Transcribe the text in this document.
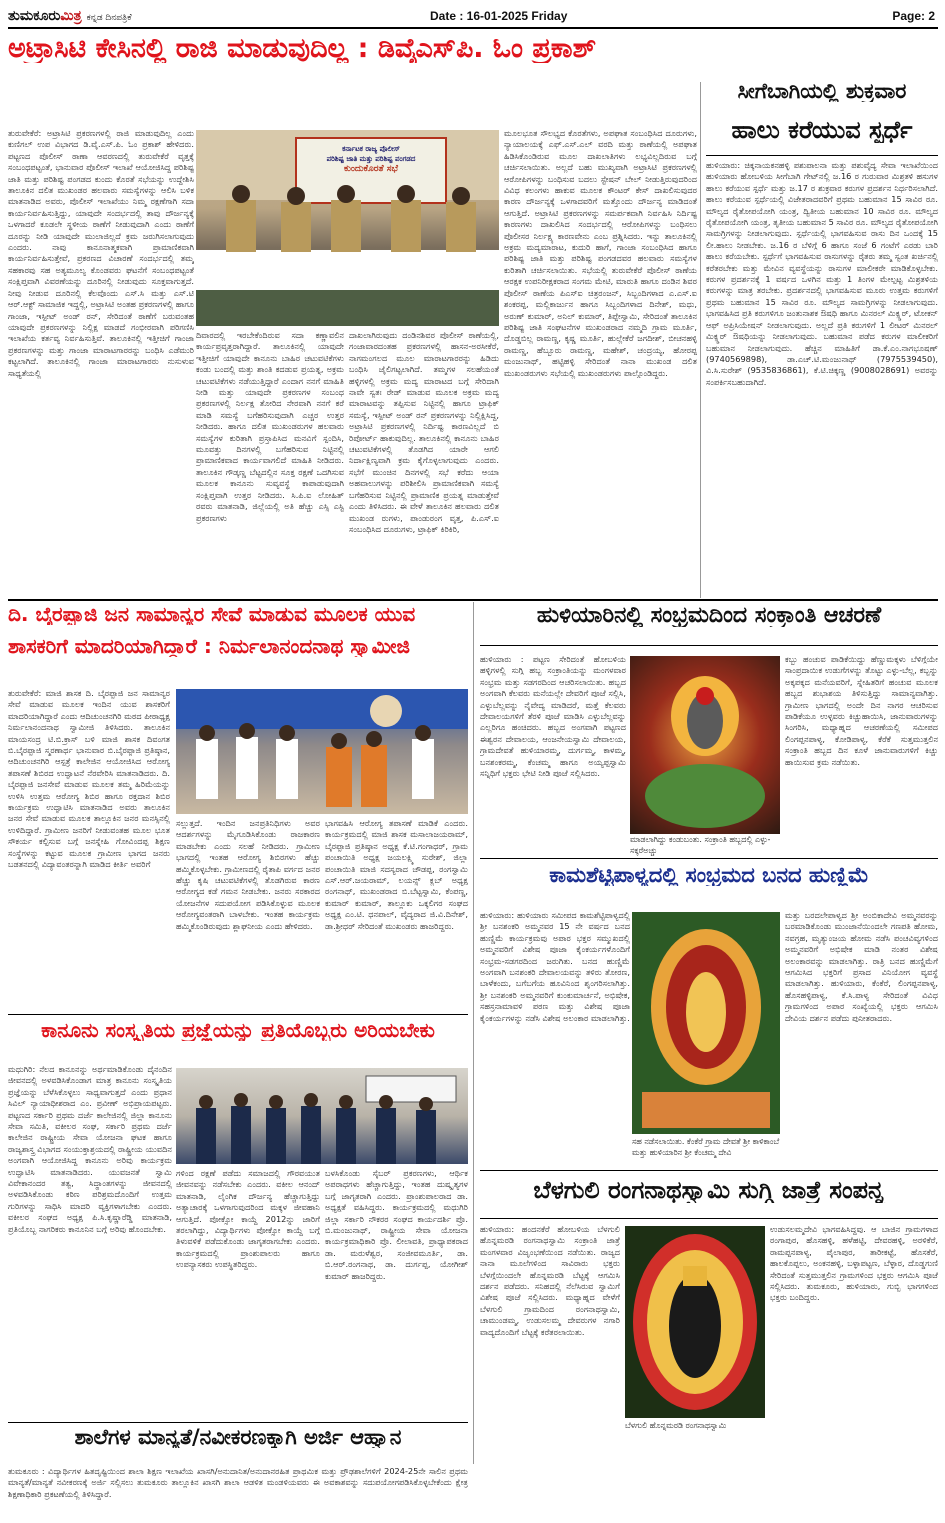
ತುಮಕೂರುಮಿತ್ರ ಕನ್ನಡ ದಿನಪತ್ರಿಕೆ	Date : 16-01-2025 Friday	Page: 2
ಅಟ್ರಾಸಿಟಿ ಕೇಸಿನಲ್ಲಿ ರಾಜಿ ಮಾಡುವುದಿಲ್ಲ : ಡಿವೈಎಸ್‌ಪಿ. ಓಂ ಪ್ರಕಾಶ್
ತುರುವೇಕೆರೆ: ಅಟ್ರಾಸಿಟಿ ಪ್ರಕರಣಗಳಲ್ಲಿ ರಾಜಿ ಮಾಡುವುದಿಲ್ಲ ಎಂದು ಕುಣಿಗಲ್ ಉಪ ವಿಭಾಗದ ಡಿ.ವೈ.ಎಸ್.ಪಿ. ಓಂ ಪ್ರಕಾಶ್ ಹೇಳಿದರು. ಪಟ್ಟಣದ ಪೊಲೀಸ್ ಠಾಣಾ ಆವರಣದಲ್ಲಿ ತುರುವೇಕೆರೆ ವೃತ್ತಕ್ಕೆ ಸಂಬಂಧಪಟ್ಟಂತೆ, ಭಾನುವಾರ ಪೊಲೀಸ್ ಇಲಾಖೆ ಆಯೋಜಿಸಿದ್ದ ಪರಿಶಿಷ್ಟ ಜಾತಿ ಮತ್ತು ಪರಿಶಿಷ್ಟ ಪಂಗಡದ ಕುಂದು ಕೊರತೆ ಸಭೆಯನ್ನು ಉದ್ದೇಶಿಸಿ ತಾಲೂಕಿನ ದಲಿತ ಮುಖಂಡರ ಹಲವಾರು ಸಮಸ್ಯೆಗಳನ್ನು ಆಲಿಸಿ ಬಳಿಕ ಮಾತನಾಡಿದ ಅವರು, ಪೊಲೀಸ್ ಇಲಾಖೆಯು ನಿಮ್ಮ ರಕ್ಷಣೆಗಾಗಿ ಸದಾ ಕಾರ್ಯನಿರ್ವಹಿಸುತ್ತಿದ್ದು, ಯಾವುದೇ ಸಂದರ್ಭದಲ್ಲಿ ತಾವು ದೌರ್ಜನ್ಯಕ್ಕೆ ಒಳಗಾದರೆ ಕೂಡಲೇ ಸ್ಥಳೀಯ ಠಾಣೆಗೆ ನೀಡುವುದಾಗಿ ಎಂದು ಠಾಣೆಗೆ ದೂರನ್ನು ನೀಡಿ ಯಾವುದೇ ಮುಲಾಜಿಲ್ಲದೆ ಕ್ರಮ ಜರುಗಿಸಲಾಗುವುದು ಎಂದರು. ನಾವು ಕಾನೂನಾತ್ಮಕವಾಗಿ ಪ್ರಾಮಾಣಿಕವಾಗಿ ಕಾರ್ಯನಿರ್ವಹಿಸುತ್ತೇವೆ, ಪ್ರಕರಣದ ವಿಚಾರಣೆ ಸಂದರ್ಭದಲ್ಲಿ ತಮ್ಮ ಸಹಕಾರವು ಸಹ ಅತ್ಯಮೂಲ್ಯ ಕೊಂಡವರು ಘಟನೆಗೆ ಸಂಬಂಧಪಟ್ಟಂತೆ ಸಂಕ್ಷಿಪ್ತವಾಗಿ ವಿವರಣೆಯನ್ನು ದೂರಿನಲ್ಲಿ ನೀಡುವುದು ಸೂಕ್ತವಾಗುತ್ತದೆ. ನೀವು ನೀಡುವ ದೂರಿನಲ್ಲಿ ಕೆಲವೊಂದು ಎಸ್.ಸಿ ಮತ್ತು ಎಸ್.ಟಿ ಆರ್.ಆಕ್ಟ್ ಸಾಮಾಜಿಕ ಇದ್ದಲ್ಲಿ, ಅಟ್ರಾಸಿಟಿ ಅಂತಹ ಪ್ರಕರಣಗಳಲ್ಲಿ ಹಾಗೂ ಗಾಂಜಾ, ಇಸ್ಪೀಟ್ ಅಂಡ್ ರನ್, ಸೇರಿದಂತೆ ಠಾಣೆಗೆ ಬರುವಂತಹ ಯಾವುದೇ ಪ್ರಕರಣಗಳನ್ನು ನಿಲ್ಲಿಕ್ಷ ಮಾಡದೆ ಗಂಭೀರವಾಗಿ ಪರಿಗಣಿಸಿ ಇಲಾಖೆಯ ಕರ್ತವ್ಯ ನಿರ್ವಹಿಸುತ್ತಿವೆ. ತಾಲೂಕಿನಲ್ಲಿ ಇತ್ತೀಚಿಗೆ ಗಾಂಜಾ ಪ್ರಕರಣಗಳನ್ನು ಮತ್ತು ಗಾಂಜಾ ಮಾರಾಟಗಾರರನ್ನು ಬಂಧಿಸಿ ಎಡೆಮುರಿ ಕಟ್ಟಲಾಗಿದೆ. ತಾಲೂಕಿನಲ್ಲಿ ಗಾಂಜಾ ಮಾರಾಟಗಾರರು ನುಸುಳುವ ಸಾಧ್ಯತೆಯಲ್ಲಿ
ಕರ್ನಾಟಕ ರಾಜ್ಯ ಪೊಲೀಸ್
ಪರಿಶಿಷ್ಟ ಜಾತಿ ಮತ್ತು ಪರಿಶಿಷ್ಟ ಪಂಗಡದ
ಕುಂದುಕೊರತೆ ಸಭೆ
ದಿವಾರದಲ್ಲಿ ಇರಬೇಕೆಂದಿರುವ ಸದಾ ಕಣ್ಣಾವಲಿನ ಕಾರ್ಯಪ್ರವೃತ್ತರಾಗಿದ್ದಾರೆ. ತಾಲೂಕಿನಲ್ಲಿ ಯಾವುದೇ ಇತ್ತೀಚಿಗೆ ಯಾವುದೇ ಕಾನೂನು ಬಾಹಿರ ಚಟುವಟಿಕೆಗಳು ಕಂಡು ಬಂದಲ್ಲಿ ಮತ್ತು ಶಾಂತಿ ಕದಡುವ ಪ್ರಯತ್ನ, ಅಕ್ರಮ ಚಟುವಟಿಕೆಗಳು ನಡೆಯುತ್ತಿದ್ದಾರೆ ಎಂದಾಗ ನನಗೆ ಮಾಹಿತಿ ನೀಡಿ ಮತ್ತು ಯಾವುದೇ ಪ್ರಕರಣಗಳ ಸಂಬಂಧ ಪ್ರಕರಣಗಳಲ್ಲಿ ನಿರ್ಲಕ್ಷ ತೋರಿದ ನೇರವಾಗಿ ನನಗೆ ಕರೆ ಮಾಡಿ ಸಮಸ್ಯೆ ಬಗೆಹರಿಸುವುದಾಗಿ ಎಚ್ಚರ ಉತ್ತರ ನೀಡಿದರು. ಹಾಗೂ ದಲಿತ ಮುಖಂಡರುಗಳ ಹಲವಾರು ಸಮಸ್ಯೆಗಳ ಕುರಿತಾಗಿ ಪ್ರಸ್ತಾಪಿಸಿದ ಮನವಿಗೆ ಸ್ಪಂದಿಸಿ, ಮೂವತ್ತು ದಿನಗಳಲ್ಲಿ ಬಗೆಹರಿಸುವ ನಿಟ್ಟಿನಲ್ಲಿ ಪ್ರಾಮಾಣಿಕವಾದ ಕಾರ್ಯವಾಗಲಿದೆ ಮಾಹಿತಿ ನೀಡಿದರು. ತಾಲೂಕಿನ ಗೌಡ್ಕಣ್ಣ ಬೆಟ್ಟದಲ್ಲಿನ ಸೂಕ್ತ ರಕ್ಷಣೆ ಒದಗಿಸುವ ಮೂಲಕ ಕಾನೂನು ಸುವ್ಯವಸ್ಥೆ ಕಾಪಾಡುವುದಾಗಿ ಸಂಕ್ಷಿಪ್ತವಾಗಿ ಉತ್ತರ ನೀಡಿದರು. ಸಿ.ಪಿ.ಐ ಲೋಹಿತ್ ರವರು ಮಾತನಾಡಿ, ಜಿಲ್ಲೆಯಲ್ಲಿ ಅತಿ ಹೆಚ್ಚು ಎಸ್ಸಿ ಎಸ್ಟಿ ಪ್ರಕರಣಗಳು
ದಾಖಲಾಗಿರುವುದು ದಂಡಿನಶಿವರ ಪೊಲೀಸ್ ಠಾಣೆಯಲ್ಲಿ, ಗಂಜಾವಾರದಂತಹ ಪ್ರಕರಣಗಳಲ್ಲಿ ಹಾಸನ-ಅರಸೀಕೆರೆ, ನಾಗಮಂಗಲದ ಮೂಲ ಮಾರಾಟಗಾರರನ್ನು ಹಿಡಿದು ಬಂಧಿಸಿ ಜೈಲಿಗಟ್ಟಲಾಗಿದೆ. ತಮ್ಮಗಳ ಸಲಹೆಯಂತೆ ಹಳ್ಳಿಗಳಲ್ಲಿ ಅಕ್ರಮ ಮದ್ಯ ಮಾರಾಟದ ಬಗ್ಗೆ ಸೇರಿದಾಗಿ ನಾವೇ ಸ್ವತಃ ರೇಡ್ ಮಾಡುವ ಮೂಲಕ ಅಕ್ರಮ ಮದ್ಯ ಮಾರಾಟವನ್ನು ತಪ್ಪಿಸುವ ನಿಟ್ಟಿನಲ್ಲಿ ಹಾಗೂ ಟ್ರಾಫಿಕ್ ಸಮಸ್ಯೆ, ಇಸ್ಪೀಟ್ ಅಂಡ್ ರನ್ ಪ್ರಕರಣಗಳನ್ನು ನಿಲ್ಲಿಕ್ಷಿಸಿದ್ದ, ಅಟ್ರಾಸಿಟಿ ಪ್ರಕರಣಗಳಲ್ಲಿ ನಿರ್ದಿಷ್ಟ ಕಾರಣವಿಲ್ಲದೆ ಬಿ ರಿಪೋರ್ಟ್ ಹಾಕುವುದಿಲ್ಲ. ತಾಲೂಕಿನಲ್ಲಿ ಕಾನೂನು ಬಾಹಿರ ಚಟುವಟಿಕೆಗಳಲ್ಲಿ ತೊಡಗಿದ ಯಾರೇ ಆಗಲಿ ನಿರ್ದಾಕ್ಷಿಣ್ಯವಾಗಿ ಕ್ರಮ ಕೈಗೊಳ್ಳಲಾಗುವುದು ಎಂದರು. ಸಭೆಗೆ ಮುಂಚಿನ ದಿನಗಳಲ್ಲಿ ಸಭೆ ಕರೆದು ಆಯಾ ಅಹವಾಲುಗಳನ್ನು ಪರಿಶೀಲಿಸಿ ಪ್ರಾಮಾಣಿಕವಾಗಿ ಸಮಸ್ಯೆ ಬಗೆಹರಿಸುವ ನಿಟ್ಟಿನಲ್ಲಿ ಪ್ರಾಮಾಣಿಕ ಪ್ರಯತ್ನ ಮಾಡುತ್ತೇವೆ ಎಂದು ತಿಳಿಸಿದರು. ಈ ವೇಳೆ ತಾಲೂಕಿನ ಹಲವಾರು ದಲಿತ ಮುಖಂಡ ರುಗಳು, ಪಾಂಡುರಂಗ ವೃತ್ತ, ಪಿ.ಎಸ್.ಐ ಸಂಬಂಧಿಸಿದ ದೂರುಗಳು, ಟ್ರಾಫಿಕ್ ಕಿರಿಕಿರಿ,
ಮೂಲಭೂತ ಸೌಲಭ್ಯದ ಕೊರತೆಗಳು, ಅಪಘಾತ ಸಂಬಂಧಿಸಿದ ದೂರುಗಳು, ನ್ಯಾಯಾಲಯಕ್ಕೆ ಎಫ್.ಎಸ್.ಎಲ್ ವರದಿ ಮತ್ತು ಠಾಣೆಯಲ್ಲಿ ಅಪಘಾತ ಹಿಡಿಸಿಕೊಂಡಿರುವ ಮೂಲ ದಾಖಲಾತಿಗಳು ಲಭ್ಯವಿಲ್ಲದಿರುವ ಬಗ್ಗೆ ಚರ್ಚಿಸಲಾಯಿತು. ಅಲ್ಲದೆ ಬಹು ಮುಖ್ಯವಾಗಿ ಅಟ್ರಾಸಿಟಿ ಪ್ರಕರಣಗಳಲ್ಲಿ ಆರೋಪಿಗಳನ್ನು ಬಂಧಿಸುವ ಬದಲು ಸ್ಟೇಷನ್ ಬೇಲ್ ನೀಡುತ್ತಿರುವುದರಿಂದ ವಿವಿಧ ಕಲಂಗಳು ಹಾಕುವ ಮೂಲಕ ಕೌಂಟರ್ ಕೇಸ್ ದಾಖಲಿಸುವುದರ ಕಾರಣ ದೌರ್ಜನ್ಯಕ್ಕೆ ಒಳಗಾದವರಿಗೆ ಮತ್ತೊಂದು ದೌರ್ಜನ್ಯ ಮಾಡಿದಂತೆ ಆಗುತ್ತಿದೆ. ಅಟ್ರಾಸಿಟಿ ಪ್ರಕರಣಗಳನ್ನು ಸಮರ್ಪಕವಾಗಿ ನಿರ್ವಹಿಸಿ ನಿರ್ದಿಷ್ಟ ಕಾರಣಗಳು ದಾಖಲಿಸಿದ ಸಂದರ್ಭದಲ್ಲಿ ಆರೋಪಿಗಳನ್ನು ಬಂಧಿಸಲು ಪೊಲೀಸರ ನಿರ್ಲಕ್ಷ್ಯ ಕಾರಣವೇನು ಎಂಬ ಪ್ರಶ್ನಿಸಿದರು. ಇನ್ನು ತಾಲೂಕಿನಲ್ಲಿ ಅಕ್ರಮ ಮದ್ಯಮಾರಾಟ, ಕುದುರಿ ಹಾಗೆ, ಗಾಂಜಾ ಸಂಬಂಧಿಸಿದ ಹಾಗೂ ಪರಿಶಿಷ್ಟ ಜಾತಿ ಮತ್ತು ಪರಿಶಿಷ್ಟ ಪಂಗಡದವರ ಹಲವಾರು ಸಮಸ್ಯೆಗಳ ಕುರಿತಾಗಿ ಚರ್ಚಿಸಲಾಯಿತು. ಸಭೆಯಲ್ಲಿ ತುರುವೇಕೆರೆ ಪೊಲೀಸ್ ಠಾಣೆಯ ಆರಕ್ಷಕ ಉಪನಿರೀಕ್ಷಕರಾದ ಸಂಗಮ ಮೇಟಿ, ಮಾರುತಿ ಹಾಗೂ ದಂಡಿನ ಶಿವರ ಪೊಲೀಸ್ ಠಾಣೆಯ ಪಿಎಸ್‌ಐ ಚಿತ್ರರಂಜನ್, ಸಿಬ್ಬಂದಿಗಳಾದ ಎ.ಎಸ್.ಐ ಶಂಕರಪ್ಪ, ಮಲ್ಲಿಕಾರ್ಜುನ ಹಾಗೂ ಸಿಬ್ಬಂದಿಗಳಾದ ದಿನೇಶ್, ಮಧು, ಅರುಣ್ ಕುಮಾರ್, ಅನಿಲ್ ಕುಮಾರ್, ತಿಪ್ಪೇಸ್ವಾಮಿ, ಸೇರಿದಂತೆ ತಾಲೂಕಿನ ಪರಿಶಿಷ್ಟ ಜಾತಿ ಸಂಘಟನೆಗಳ ಮುಖಂಡರಾದ ನಮ್ಮದಿ ಗ್ರಾಮ ಮೂರ್ತಿ, ದೊಡ್ಡಬಿಲ್ಲ ರಾಮಣ್ಣ, ಕೃಷ್ಣ ಮೂರ್ತಿ, ಹುಲ್ಲೇಕೆರೆ ಜಗದೀಶ್, ಬೀಚನಹಳ್ಳಿ ರಾಮಣ್ಣ, ಹೆಬ್ಬೂರು ರಾಮಣ್ಣ, ಮಹೇಶ್, ಚಂದ್ರಯ್ಯ, ಹೋರಪ್ಪ ಮಂಜುನಾಥ್, ಹಟ್ಟಿಹಳ್ಳಿ ಸೇರಿದಂತೆ ನಾನಾ ಮುಖಂಡ ದಲಿತ ಮುಖಂಡರುಗಳು ಸಭೆಯಲ್ಲಿ ಮುಖಂಡರುಗಳು ಪಾಲ್ಗೊಂಡಿದ್ದರು.
ಸೀಗೆಬಾಗಿಯಲ್ಲಿ ಶುಕ್ರವಾರ
ಹಾಲು ಕರೆಯುವ ಸ್ಪರ್ಧೆ
ಹುಳಿಯಾರು: ಚಿಕ್ಕನಾಯಕನಹಳ್ಳಿ ಪಶುಪಾಲನಾ ಮತ್ತು ಪಶುವೈದ್ಯ ಸೇವಾ ಇಲಾಖೆಯಿಂದ ಹುಳಿಯಾರು ಹೋಬಳಿಯ ಸೀಗೆಬಾಗಿ ಗೇಟ್‌ನಲ್ಲಿ ಜ.16 ರ ಗುರುವಾರ ಮಿಶ್ರತಳಿ ಹಸುಗಳ ಹಾಲು ಕರೆಯುವ ಸ್ಪರ್ಧೆ ಮತ್ತು ಜ.17 ರ ಶುಕ್ರವಾರ ಕರುಗಳ ಪ್ರದರ್ಶನ ನಿರ್ಧರಿಸಲಾಗಿದೆ. ಹಾಲು ಕರೆಯುವ ಸ್ಪರ್ಧೆಯಲ್ಲಿ ವಿಜೇತರಾದವರಿಗೆ ಪ್ರಥಮ ಬಹುಮಾನ 15 ಸಾವಿರ ರೂ. ಮೌಲ್ಯದ ರೈತೋಪಯೋಗಿ ಯಂತ್ರ, ದ್ವಿತೀಯ ಬಹುಮಾನ 10 ಸಾವಿರ ರೂ. ಮೌಲ್ಯದ ರೈತೋಪಯೋಗಿ ಯಂತ್ರ, ತೃತೀಯ ಬಹುಮಾನ 5 ಸಾವಿರ ರೂ. ಮೌಲ್ಯದ ರೈತೋಪಯೋಗಿ ಸಾಮಗ್ರಿಗಳನ್ನು ನೀಡಲಾಗುವುದು. ಸ್ಪರ್ಧೆಯಲ್ಲಿ ಭಾಗವಹಿಸುವ ರಾಸು ದಿನ ಒಂದಕ್ಕೆ 15 ಲೀ.ಹಾಲು ನೀಡಬೇಕು. ಜ.16 ರ ಬೆಳಿಗ್ಗೆ 6 ಹಾಗೂ ಸಂಜೆ 6 ಗಂಟೆಗೆ ಎರಡು ಬಾರಿ ಹಾಲು ಕರೆಯಬೇಕು. ಸ್ಪರ್ಧೆಗೆ ಭಾಗವಹಿಸುವ ರಾಸುಗಳನ್ನು ರೈತರು ತಮ್ಮ ಸ್ವಂತ ಖರ್ಚಿನಲ್ಲಿ ಕರೆತರಬೇಕು ಮತ್ತು ಮೇವಿನ ವ್ಯವಸ್ಥೆಯನ್ನು ರಾಸುಗಳ ಮಾಲೀಕರೇ ಮಾಡಿಕೊಳ್ಳಬೇಕು. ಕರುಗಳ ಪ್ರದರ್ಶನಕ್ಕೆ 1 ವರ್ಷದ ಒಳಗಿನ ಮತ್ತು 1 ತಿಂಗಳ ಮೇಲ್ಪಟ್ಟ ಮಿಶ್ರತಳಿಯ ಕರುಗಳನ್ನು ಮಾತ್ರ ತರಬೇಕು. ಪ್ರದರ್ಶನದಲ್ಲಿ ಭಾಗವಹಿಸುವ ಮೂರು ಉತ್ತಮ ಕರುಗಳಿಗೆ ಪ್ರಥಮ ಬಹುಮಾನ 15 ಸಾವಿರ ರೂ. ಮೌಲ್ಯದ ಸಾಮಗ್ರಿಗಳನ್ನು ನೀಡಲಾಗುವುದು. ಭಾಗವಹಿಸಿದ ಪ್ರತಿ ಕರುಗಳಿಗೂ ಜಂತುನಾಶಕ ಔಷಧಿ ಹಾಗೂ ಮಿನರಲ್ ಮಿಕ್ಸ್ಚರ್, ಟೋಕನ್ ಆಫ್ ಅಪ್ರಿಸಿಯೇಷನ್ ನೀಡಲಾಗುವುದು. ಅಲ್ಲದೆ ಪ್ರತಿ ಕರುಗಳಿಗೆ 1 ಲೀಟರ್ ಮಿನರಲ್ ಮಿಕ್ಸ್ಚರ್ ಔಷಧಿಯನ್ನು ನೀಡಲಾಗುವುದು. ಬಹುಮಾನ ಪಡೆದ ಕರುಗಳ ಮಾಲೀಕರಿಗೆ ಬಹುಮಾನ ನೀಡಲಾಗುವುದು. ಹೆಚ್ಚಿನ ಮಾಹಿತಿಗೆ ಡಾ.ಕೆ.ಎಂ.ನಾಗಭೂಷಣ್ (9740569898), ಡಾ.ಎಚ್.ಟಿ.ಮಂಜುನಾಥ್ (7975539450), ವಿ.ಸಿ.ಸುರೇಶ್ (9535836861), ಕೆ.ಟಿ.ಚಿಕ್ಕಣ್ಣ (9008028691) ಅವರನ್ನು ಸಂಪರ್ಕಿಸಬಹುದಾಗಿದೆ.
ದಿ. ಬೈರಪ್ಪಾಜಿ ಜನ ಸಾಮಾನ್ಯರ ಸೇವೆ ಮಾಡುವ ಮೂಲಕ ಯುವ
ಶಾಸಕರಿಗೆ ಮಾದರಿಯಾಗಿದ್ದಾರೆ : ನಿರ್ಮಲಾನಂದನಾಥ ಸ್ವಾಮೀಜಿ
ತುರುವೇಕೆರೆ: ಮಾಜಿ ಶಾಸಕ ದಿ. ಬೈರಪ್ಪಾಜಿ ಜನ ಸಾಮಾನ್ಯರ ಸೇವೆ ಮಾಡುವ ಮೂಲಕ ಇಂದಿನ ಯುವ ಶಾಸಕರಿಗೆ ಮಾದರಿಯಾಗಿದ್ದಾರೆ ಎಂದು ಆದಿಚುಂಚನಗಿರಿ ಮಠದ ಪೀಠಾಧ್ಯಕ್ಷ ನಿರ್ಮಲಾನಂದನಾಥ ಸ್ವಾಮೀಜಿ ತಿಳಿಸಿದರು. ತಾಲೂಕಿನ ಮಾಯಸಂದ್ರ ಟಿ.ಬಿ.ಕ್ರಾಸ್ ಬಳಿ ಮಾಜಿ ಶಾಸಕ ದಿವಂಗತ ಬಿ.ಬೈರಪ್ಪಾಜಿ ಸ್ಮರಣಾರ್ಥ ಭಾನುವಾರ ಬಿ.ಬೈರಪ್ಪಾಜಿ ಪ್ರತಿಷ್ಠಾನ, ಆದಿಚುಂಚನಗಿರಿ ಆಸ್ಪತ್ರೆ ಕಾಲೇಜಿನ ಆಯೋಜಿಸಿದ ಆರೋಗ್ಯ ತಪಾಸಣೆ ಶಿಬಿರದ ಉದ್ಘಾಟನೆ ನೆರವೇರಿಸಿ ಮಾತನಾಡಿದರು. ದಿ. ಬೈರಪ್ಪಾಜಿ ಜನಸೇವೆ ಮಾಡುವ ಮೂಲಕ ತಮ್ಮ ಹಿರಿಮೆಯನ್ನು ಉಳಿಸಿ ಉತ್ತಮ ಆರೋಗ್ಯ ಶಿಬಿರ ಹಾಗೂ ರಕ್ತದಾನ ಶಿಬಿರ ಕಾರ್ಯಕ್ರಮ ಉದ್ಘಾಟಿಸಿ ಮಾತನಾಡಿದ ಅವರು ತಾಲೂಕಿನ ಜನರ ಸೇವೆ ಮಾಡುವ ಮೂಲಕ ತಾಲ್ಲೂಕಿನ ಜನರ ಮನಸ್ಸಿನಲ್ಲಿ ಉಳಿದಿದ್ದಾರೆ. ಗ್ರಾಮೀಣ ಜನರಿಗೆ ನೀಡುವಂತಹ ಮೂಲ ಭೂತ ಸೌಕರ್ಯ ಕಲ್ಪಿಸುವ ಬಗ್ಗೆ ಜನಸ್ನೇಹಿ ಗೋವಿಂದಪ್ಪ ಶಿಕ್ಷಣ ಸಂಸ್ಥೆಗಳನ್ನು ಕಟ್ಟುವ ಮೂಲಕ ಗ್ರಾಮೀಣ ಭಾಗದ ಜನರು ಬಡತನದಲ್ಲಿ ವಿದ್ಯಾವಂತರನ್ನಾಗಿ ಮಾಡಿದ ಕೀರ್ತಿ ಅವರಿಗೆ
ಸಲ್ಲುತ್ತದೆ. ಇಂದಿನ ಜನಪ್ರತಿನಿಧಿಗಳು ಅವರ ಆದರ್ಶಗಳನ್ನು ಮೈಗೂಡಿಸಿಕೊಂಡು ರಾಜಕಾರಣ ಮಾಡಬೇಕು ಎಂದು ಸಲಹೆ ನೀಡಿದರು. ಗ್ರಾಮೀಣ ಭಾಗದಲ್ಲಿ ಇಂತಹ ಆರೋಗ್ಯ ಶಿಬಿರಗಳು ಹೆಚ್ಚು ಹಮ್ಮಿಕೊಳ್ಳಬೇಕು. ಗ್ರಾಮೀಣದಲ್ಲಿ ರೈತಾಪಿ ವರ್ಗದ ಜನರ ಹೆಚ್ಚು ಕೃಷಿ ಚಟುವಟಿಕೆಗಳಲ್ಲಿ ತೊಡಗಿರುವ ಕಾರಣ ಆರೋಗ್ಯದ ಕಡೆ ಗಮನ ನೀಡಬೇಕು. ಜನರು ಸರಕಾರದ ಯೋಜನೆಗಳ ಸದುಪಯೋಗ ಪಡಿಸಿಕೊಳ್ಳುವ ಮೂಲಕ ಆರೋಗ್ಯವಂತರಾಗಿ ಬಾಳಬೇಕು. ಇಂತಹ ಕಾರ್ಯಕ್ರಮ ಹಮ್ಮಿಕೊಂಡಿರುವುದು ಶ್ಲಾಘನೀಯ ಎಂದು ಹೇಳಿದರು.
ಭಾಗವಹಿಸಿ ಆರೋಗ್ಯ ತಪಾಸಣೆ ಮಾಡಿಕೆ ಎಂದರು. ಕಾರ್ಯಕ್ರಮದಲ್ಲಿ ಮಾಜಿ ಶಾಸಕ ಮಸಾಲಾಜಯರಾಮ್, ಬೈರಪ್ಪಾಜಿ ಪ್ರತಿಷ್ಠಾನ ಅಧ್ಯಕ್ಷ ಕೆ.ಟಿ.ಗಂಗಾಧರ್, ಗ್ರಾಮ ಪಂಚಾಯಿತಿ ಅಧ್ಯಕ್ಷ ಜಯಲಕ್ಷ್ಮಿ ಸುರೇಶ್, ಜಿಲ್ಲಾ ಪಂಚಾಯಿತಿ ಮಾಜಿ ಸದಸ್ಯರಾದ ಚೌಡಪ್ಪ, ರಂಗಸ್ವಾಮಿ ಎಸ್.ಆರ್.ಜಯರಾಮ್, ಲಯನ್ಸ್ ಕ್ಲಬ್ ಅಧ್ಯಕ್ಷ ರಂಗನಾಥ್, ಮುಖಂಡರಾದ ಬಿ.ಬೆಟ್ಟಸ್ವಾಮಿ, ಕೆಂಪಣ್ಣ, ಕುಮಾರ್ ಕುಮಾರ್, ತಾಲ್ಲೂಕು ಒಕ್ಕಲಿಗರ ಸಂಘದ ಅಧ್ಯಕ್ಷ ಎಂ.ಟಿ. ಧನಪಾಲ್, ವೈದ್ಯರಾದ ಜಿ.ವಿ.ದಿನೇಶ್, ಡಾ.ಶ್ರೀಧರ್ ಸೇರಿದಂತೆ ಮುಖಂಡರು ಹಾಜರಿದ್ದರು.
ಹುಳಿಯಾರಿನಲ್ಲಿ ಸಂಭ್ರಮದಿಂದ ಸಂಕ್ರಾಂತಿ ಆಚರಣೆ
ಹುಳಿಯಾರು : ಪಟ್ಟಣ ಸೇರಿದಂತೆ ಹೋಬಳಿಯ ಹಳ್ಳಿಗಳಲ್ಲಿ ಸುಗ್ಗಿ ಹಬ್ಬ ಸಂಕ್ರಾಂತಿಯನ್ನು ಮಂಗಳವಾರ ಸಂಭ್ರಮ ಮತ್ತು ಸಡಗರದಿಂದ ಆಚರಿಸಲಾಯಿತು. ಹಬ್ಬದ ಅಂಗವಾಗಿ ಕೆಲವರು ಮನೆಯಲ್ಲೇ ದೇವರಿಗೆ ಪೂಜೆ ಸಲ್ಲಿಸಿ, ಎಳ್ಳುಬೆಲ್ಲವನ್ನು ನೈವೇದ್ಯ ಮಾಡಿದರೆ, ಮತ್ತೆ ಕೆಲವರು ದೇವಾಲಯಗಳಿಗೆ ತೆರಳಿ ಪೂಜೆ ಮಾಡಿಸಿ ಎಳ್ಳುಬೆಲ್ಲವನ್ನು ಎಲ್ಲರಿಗೂ ಹಂಚಿದರು. ಹಬ್ಬದ ಅಂಗವಾಗಿ ಪಟ್ಟಣದ ಈಶ್ವರನ ದೇವಾಲಯ, ಆಂಜನೇಯಸ್ವಾಮಿ ದೇವಾಲಯ, ಗ್ರಾಮದೇವತೆ ಹುಳಿಯಾರಮ್ಮ, ದುರ್ಗಮ್ಮ, ಕಾಳಮ್ಮ, ಬನಶಂಕರಮ್ಮ, ಕೆಂಚಮ್ಮ ಹಾಗೂ ಅಯ್ಯಪ್ಪಸ್ವಾಮಿ ಸನ್ನಿಧಿಗೆ ಭಕ್ತರು ಭೇಟಿ ನೀಡಿ ಪೂಜೆ ಸಲ್ಲಿಸಿದರು.
ಮಾಡಲಾಗಿದ್ದು ಕಂಡುಬಂತು. ಸಂಕ್ರಾಂತಿ ಹಬ್ಬದಲ್ಲಿ ಎಳ್ಳು-ಸಕ್ಕರೆಅಚ್ಚು
ಕಬ್ಬು ಹಂಚುವ ಪಾಡಿಕೆಯಿದ್ದು ಹೆಣ್ಣುಮಕ್ಕಳು ಬೆಳಿಗ್ಗೆಯೇ ಸಾಂಪ್ರದಾಯಿಕ ಉಡುಗೆಗಳನ್ನು ತೊಟ್ಟು ಎಳ್ಳು-ಬೆಲ್ಲ, ಕಬ್ಬನ್ನು ಅಕ್ಕಪಕ್ಕದ ಮನೆಯವರಿಗೆ, ಸ್ನೇಹಿತರಿಗೆ ಹಂಚುವ ಮೂಲಕ ಹಬ್ಬದ ಶುಭಾಶಯ ತಿಳಿಸುತ್ತಿದ್ದು ಸಾಮಾನ್ಯವಾಗಿತ್ತು. ಗ್ರಾಮೀಣ ಭಾಗದಲ್ಲಿ ಅಂದೇ ದಿನ ನಾಗರ ಆಚರಿಸುವ ಪಾಡಿಕೆಯೂ ಉಳ್ಳವರು ಕಿಚ್ಚುಹಾಯಿಸಿ, ಜಾನುವಾರುಗಳನ್ನು ಸಿಂಗರಿಸಿ, ಮಧ್ಯಾಹ್ನದ ಆಚರಣೆಯಲ್ಲಿ ಸಮೀಪದ ಲಿಂಗಪ್ಪನಪಾಳ್ಯ, ಕೋಡಿಪಾಳ್ಯ, ಕೆರೆಕೆ ಸುತ್ತಮುತ್ತಲಿನ ಸಂಕ್ರಾಂತಿ ಹಬ್ಬದ ದಿನ ಕೂಳೆ ಜಾನುವಾರುಗಳಿಗೆ ಕಿಚ್ಚು ಹಾಯಿಸುವ ಕ್ರಮ ನಡೆಯಿತು.
ಕಾಮಶೆಟ್ಟಿಪಾಳ್ಯದಲ್ಲಿ ಸಂಭ್ರಮದ ಬನದ ಹುಣ್ಣಿಮೆ
ಹುಳಿಯಾರು: ಹುಳಿಯಾರು ಸಮೀಪದ ಕಾಮಶೆಟ್ಟಿಪಾಳ್ಯದಲ್ಲಿ ಶ್ರೀ ಬನಶಂಕರಿ ಅಮ್ಮನವರ 15 ನೇ ವರ್ಷದ ಬನದ ಹುಣ್ಣಿಮೆ ಕಾರ್ಯಕ್ರಮವು ಅಪಾರ ಭಕ್ತರ ಸಮ್ಮುಖದಲ್ಲಿ ಅಮ್ಮನವರಿಗೆ ವಿಶೇಷ ಪೂಜಾ ಕೈಂಕರ್ಯಗಳೊಂದಿಗೆ ಸಂಭ್ರಮ-ಸಡಗರದಿಂದ ಜರುಗಿತು. ಬನದ ಹುಣ್ಣಿಮೆ ಅಂಗವಾಗಿ ಬನಶಂಕರಿ ದೇವಾಲಯವನ್ನು ತಳಿರು ತೋರಣ, ಬಾಳೆಕಂದು, ಬಗೆಬಗೆಯ ಹೂವಿನಿಂದ ಶೃಂಗರಿಸಲಾಗಿತ್ತು. ಶ್ರೀ ಬನಶಂಕರಿ ಅಮ್ಮನವರಿಗೆ ಕುಂಕುಮಾರ್ಚನೆ, ಅಭಿಷೇಕ, ಸಹಸ್ರನಾಮಾವಳಿ ಪಠಣ ಮತ್ತು ವಿಶೇಷ ಪೂಜಾ ಕೈಂಕರ್ಯಗಳನ್ನು ನಡೆಸಿ ವಿಶೇಷ ಅಲಂಕಾರ ಮಾಡಲಾಗಿತ್ತು.
ಸಹ ನಡೆಸಲಾಯಿತು. ಕೆಂಕೆರೆ ಗ್ರಾಮ ದೇವತೆ ಶ್ರೀ ಕಾಳಿಕಾಂಬೆ ಮತ್ತು ಹುಳಿಯಾರಿನ ಶ್ರೀ ಕೆಂಚಮ್ಮ ದೇವಿ
ಮತ್ತು ಬರದಲೇಪಾಳ್ಯದ ಶ್ರೀ ಅಂಬಿಕಾದೇವಿ ಅಮ್ಮನವರನ್ನು ಬರಮಾಡಿಕೊಂಡು ಮುಂಜಾನೆಯಿಂದಲೇ ಗಣಪತಿ ಹೋಮ, ನವಗ್ರಹ, ಮೃತ್ಯುಂಜಯ ಹೋಮ ನಡೆಸಿ ಪಂಚವಿವ್ಯಗಳಿಂದ ಅಮ್ಮನವರಿಗೆ ಅಭಿಷೇಕ ಮಾಡಿ ನಂತರ ವಿಶೇಷ ಅಲಂಕಾರವನ್ನು ಮಾಡಲಾಗಿತ್ತು. ರಾತ್ರಿ ಬನದ ಹುಣ್ಣಿಮೆಗೆ ಆಗಮಿಸಿದ ಭಕ್ತರಿಗೆ ಪ್ರಸಾದ ವಿನಿಯೋಗ ವ್ಯವಸ್ಥೆ ಮಾಡಲಾಗಿತ್ತು. ಹುಳಿಯಾರು, ಕೆಂಕೆರೆ, ಲಿಂಗಪ್ಪನಪಾಳ್ಯ, ಹೊಸಹಳ್ಳಿಪಾಳ್ಯ, ಕೆ.ಸಿ.ಪಾಳ್ಯ ಸೇರಿದಂತೆ ವಿವಿಧ ಗ್ರಾಮಗಳಿಂದ ಅಪಾರ ಸಂಖ್ಯೆಯಲ್ಲಿ ಭಕ್ತರು ಆಗಮಿಸಿ ದೇವಿಯ ದರ್ಶನ ಪಡೆದು ಪುನೀತರಾದರು.
ಕಾನೂನು ಸಂಸ್ಕೃತಿಯ ಪ್ರಜ್ಞೆಯನ್ನು ಪ್ರತಿಯೊಬ್ಬರು ಅರಿಯಬೇಕು
ಮಧುಗಿರಿ: ನೆಲದ ಕಾನೂನನ್ನು ಅರ್ಥಮಾಡಿಕೊಂಡು ದೈನಂದಿನ ಜೀವನದಲ್ಲಿ ಅಳವಡಿಸಿಕೊಂಡಾಗ ಮಾತ್ರ ಕಾನೂನು ಸಂಸ್ಕೃತಿಯ ಪ್ರಜ್ಞೆಯನ್ನು ಬೆಳೆಸಿಕೊಳ್ಳಲು ಸಾಧ್ಯವಾಗುತ್ತದೆ ಎಂದು ಪ್ರಧಾನ ಸಿವಿಲ್ ನ್ಯಾಯಾಧೀಶರಾದ ಎಂ. ಪ್ರವೀಣ್ ಅಭಿಪ್ರಾಯಪಟ್ಟರು. ಪಟ್ಟಣದ ಸರ್ಕಾರಿ ಪ್ರಥಮ ದರ್ಜೆ ಕಾಲೇಜಿನಲ್ಲಿ ಜಿಲ್ಲಾ ಕಾನೂನು ಸೇವಾ ಸಮಿತಿ, ವಕೀಲರ ಸಂಘ, ಸರ್ಕಾರಿ ಪ್ರಥಮ ದರ್ಜೆ ಕಾಲೇಜಿನ ರಾಷ್ಟ್ರೀಯ ಸೇವಾ ಯೋಜನಾ ಘಟಕ ಹಾಗೂ ರಾಜ್ಯಶಾಸ್ತ್ರ ವಿಭಾಗದ ಸಂಯುಕ್ತಾಶ್ರಯದಲ್ಲಿ ರಾಷ್ಟ್ರೀಯ ಯುವದಿನ ಅಂಗವಾಗಿ ಆಯೋಜಿಸಿದ್ದ ಕಾನೂನು ಅರಿವು ಕಾರ್ಯಕ್ರಮ ಉದ್ಘಾಟಿಸಿ ಮಾತನಾಡಿದರು. ಯುವಜನತೆ ಸ್ವಾಮಿ ವಿವೇಕಾನಂದರ ತತ್ವ, ಸಿದ್ಧಾಂತಗಳನ್ನು ಜೀವನದಲ್ಲಿ ಅಳವಡಿಸಿಕೊಂಡು ಕಠಿಣ ಪರಿಶ್ರಮದೊಂದಿಗೆ ಉತ್ತಮ ಗುರಿಗಳನ್ನು ಸಾಧಿಸಿ ಮಾದರಿ ವ್ಯಕ್ತಿಗಳಾಗಬೇಕು ಎಂದರು. ವಕೀಲರ ಸಂಘದ ಅಧ್ಯಕ್ಷ ಪಿ.ಸಿ.ಕೃಷ್ಣಾರೆಡ್ಡಿ ಮಾತನಾಡಿ, ಪ್ರತಿಯೊಬ್ಬ ನಾಗರಿಕರು ಕಾನೂನಿನ ಬಗ್ಗೆ ಅರಿವು ಹೊಂದಬೇಕು.
ಗಳಿಂದ ರಕ್ಷಣೆ ಪಡೆದು ಸಮಾಜದಲ್ಲಿ ಗೌರವಯುತ ಜೀವನವನ್ನು ನಡೆಸಬೇಕು ಎಂದರು. ವಕೀಲ ಆನಂದ್ ಮಾತನಾಡಿ, ಲೈಂಗಿಕ ದೌರ್ಜನ್ಯ ಹೆಚ್ಚಾಗುತ್ತಿದ್ದು ಅತ್ಯಾಚಾರಕ್ಕೆ ಒಳಗಾಗುವುದರಿಂದ ಮಕ್ಕಳ ಜೀವಹಾನಿ ಆಗುತ್ತಿದೆ. ಪೋಕ್ಸೋ ಕಾಯ್ದೆ 2012ನ್ನು ಜಾರಿಗೆ ತರಲಾಗಿದ್ದು, ವಿದ್ಯಾರ್ಥಿಗಳು ಪೋಕ್ಸೋ ಕಾಯ್ದೆ ಬಗ್ಗೆ ತಿಳುವಳಿಕೆ ಪಡೆದುಕೊಂಡು ಜಾಗೃತರಾಗಬೇಕು ಎಂದರು. ಕಾರ್ಯಕ್ರಮದಲ್ಲಿ ಪ್ರಾಂಶುಪಾಲರು ಹಾಗೂ ಉಪನ್ಯಾಸಕರು ಉಪಸ್ಥಿತರಿದ್ದರು.
ಬಳಸಿಕೊಂಡು ಸೈಬರ್ ಪ್ರಕರಣಗಳು, ಆರ್ಥಿಕ ಅಪರಾಧಗಳು ಹೆಚ್ಚಾಗುತ್ತಿದ್ದು, ಇಂತಹ ದುಷ್ಕೃತ್ಯಗಳ ಬಗ್ಗೆ ಜಾಗೃತರಾಗಿ ಎಂದರು. ಪ್ರಾಂಶುಪಾಲರಾದ ಡಾ. ಅಧ್ಯಕ್ಷತೆ ವಹಿಸಿದ್ದರು. ಕಾರ್ಯಕ್ರಮದಲ್ಲಿ ಮಧುಗಿರಿ ಜಿಲ್ಲಾ ಸರ್ಕಾರಿ ನೌಕರರ ಸಂಘದ ಕಾರ್ಯದರ್ಶಿ ಪ್ರೊ. ಬಿ.ಮಂಜುನಾಥ್, ರಾಷ್ಟ್ರೀಯ ಸೇವಾ ಯೋಜನಾ ಕಾರ್ಯಕ್ರಮಾಧಿಕಾರಿ ಪ್ರೊ. ಲೀಲಾವತಿ, ಪ್ರಾಧ್ಯಾಪಕರಾದ ಡಾ. ಮರುಳೆಶ್ವರ, ಸಂಜೀವಮೂರ್ತಿ, ಡಾ. ಬಿ.ಆರ್.ರಂಗನಾಥ, ಡಾ. ದುರ್ಗಪ್ಪ, ಯೋಗೀಶ್ ಕುಮಾರ್ ಹಾಜರಿದ್ದರು.
ಬೆಳಗುಲಿ ರಂಗನಾಥಸ್ವಾಮಿ ಸುಗ್ಗಿ ಜಾತ್ರೆ ಸಂಪನ್ನ
ಹುಳಿಯಾರು: ಹಂದನಕೆರೆ ಹೋಬಳಿಯ ಬೆಳಗುಲಿ ಹೊನ್ನಮರಡಿ ರಂಗನಾಥಸ್ವಾಮಿ ಸಂಕ್ರಾಂತಿ ಜಾತ್ರೆ ಮಂಗಳವಾರ ವಿಜೃಂಭಣೆಯಿಂದ ನಡೆಯಿತು. ರಾಜ್ಯದ ನಾನಾ ಮೂಲೆಗಳಿಂದ ಸಾವಿರಾರು ಭಕ್ತರು ಬೆಳಗ್ಗೆಯಿಂದಲೇ ಹೊನ್ನಮರಡಿ ಬೆಟ್ಟಕ್ಕೆ ಆಗಮಿಸಿ ದರ್ಶನ ಪಡೆದರು. ಸನಿಹದಲ್ಲಿ ನೆಲೆಸಿರುವ ಸ್ವಾಮಿಗೆ ವಿಶೇಷ ಪೂಜೆ ಸಲ್ಲಿಸಿದರು. ಮಧ್ಯಾಹ್ನದ ವೇಳೆಗೆ ಬೆಳಗುಲಿ ಗ್ರಾಮದಿಂದ ರಂಗನಾಥಸ್ವಾಮಿ, ಚಾಮುಂಡಮ್ಮ, ಉಡುಸಲಮ್ಮ ದೇವರುಗಳ ನಗಾರಿ ವಾದ್ಯದೊಂದಿಗೆ ಬೆಟ್ಟಕ್ಕೆ ಕರೆತರಲಾಯಿತು.
ಬೆಳಗುಲಿ ಹೊನ್ನಮರಡಿ ರಂಗನಾಥಸ್ವಾಮಿ
ಉಡುಸಲಮ್ಮದೇವಿ ಭಾಗವಹಿಸಿದ್ದವು. ಆ ಬಾಜಿನ ಗ್ರಾಮಗಳಾದ ರಂಗಾಪುರ, ಹೊಸಹಳ್ಳಿ, ಹಳೆಹಟ್ಟಿ, ದೇವರಹಳ್ಳಿ, ಅರಳಿಕೆರೆ, ರಾಮಪ್ಪನಪಾಳ್ಯ, ಪೈಲಾಪುರ, ತಾರೀಕಟ್ಟೆ, ಹೊಸಕೆರೆ, ಹಾಲಕೊಪ್ಪಲು, ಅಂಕನಹಳ್ಳಿ, ಬಳ್ಳಾಪಟ್ಟಣ, ಬೆಳ್ಳಾರ, ದೊಡ್ಡಗುಣಿ ಸೇರಿದಂತೆ ಸುತ್ತಮುತ್ತಲಿನ ಗ್ರಾಮಗಳಿಂದ ಭಕ್ತರು ಆಗಮಿಸಿ ಪೂಜೆ ಸಲ್ಲಿಸಿದರು. ತುಮಕೂರು, ಹುಳಿಯಾರು, ಗುಬ್ಬಿ ಭಾಗಗಳಿಂದ ಭಕ್ತರು ಬಂದಿದ್ದರು.
ಶಾಲೆಗಳ ಮಾನ್ಯತೆ/ನವೀಕರಣಕ್ಕಾಗಿ ಅರ್ಜಿ ಆಹ್ವಾನ
ತುಮಕೂರು : ವಿದ್ಯಾರ್ಥಿಗಳ ಹಿತದೃಷ್ಟಿಯಿಂದ ಶಾಲಾ ಶಿಕ್ಷಣ ಇಲಾಖೆಯ ಖಾಸಗಿ/ಅನುದಾನಿತ/ಅನುದಾನರಹಿತ ಪ್ರಾಥಮಿಕ ಮತ್ತು ಪ್ರೌಢಶಾಲೆಗಳಿಗೆ 2024-25ನೇ ಸಾಲಿನ ಪ್ರಥಮ ಮಾನ್ಯತೆ/ಮಾನ್ಯತೆ ನವೀಕರಣಕ್ಕೆ ಅರ್ಜಿ ಸಲ್ಲಿಸಲು ತುಮಕೂರು ತಾಲ್ಲೂಕಿನ ಖಾಸಗಿ ಶಾಲಾ ಆಡಳಿತ ಮಂಡಳಿಯವರು ಈ ಅವಕಾಶವನ್ನು ಸದುಪಯೋಗಪಡಿಸಿಕೊಳ್ಳಬೇಕೆಂದು ಕ್ಷೇತ್ರ ಶಿಕ್ಷಣಾಧಿಕಾರಿ ಪ್ರಕಟಣೆಯಲ್ಲಿ ತಿಳಿಸಿದ್ದಾರೆ.
